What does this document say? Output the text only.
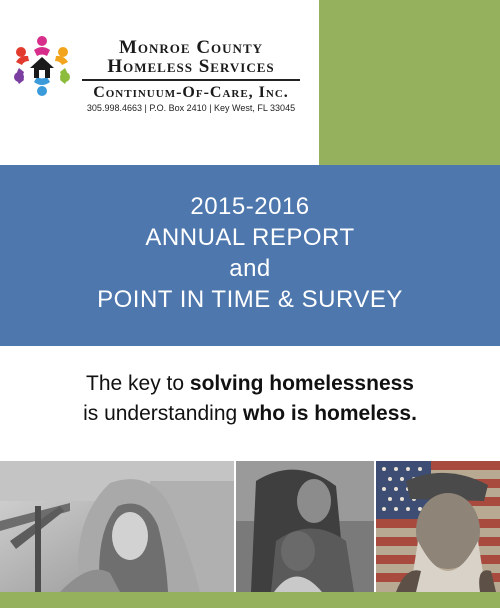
Monroe County
Homeless Services
Continuum-Of-Care, Inc.
305.998.4663 | P.O. Box 2410 | Key West, FL 33045
2015-2016
ANNUAL REPORT
and
POINT IN TIME & SURVEY
The key to solving homelessness
is understanding who is homeless.
